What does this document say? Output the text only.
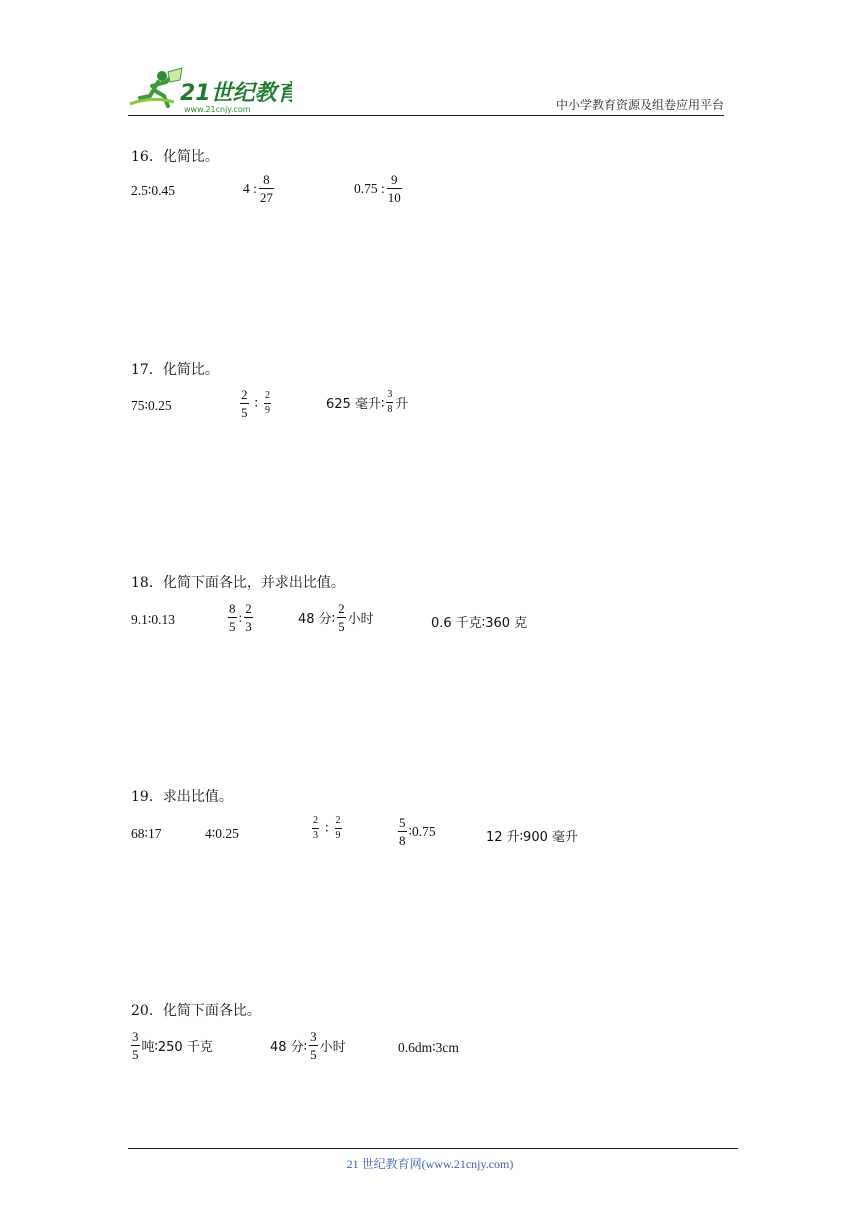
21世纪教育
www.21cnjy.com	中小学教育资源及组卷应用平台
16．化简比。
2.5∶0.45	4 : $\frac{8}{27}$	0.75 : $\frac{9}{10}$
17．化简比。
75∶0.25	$\frac{2}{5}$ ∶ $\frac{2}{9}$	625 毫升∶ $\frac{3}{8}$ 升
18．化简下面各比，并求出比值。
9.1∶0.13	$\frac{8}{5}$ : $\frac{2}{3}$	48 分∶ $\frac{2}{5}$ 小时	0.6 千克∶360 克
19．求出比值。
68∶17	4∶0.25	$\frac{2}{3}$ ∶ $\frac{2}{9}$	$\frac{5}{8}$ ∶0.75	12 升∶900 毫升
20．化简下面各比。
$\frac{3}{5}$ 吨∶250 千克	48 分∶ $\frac{3}{5}$ 小时	0.6dm∶3cm
21 世纪教育网(www.21cnjy.com)
